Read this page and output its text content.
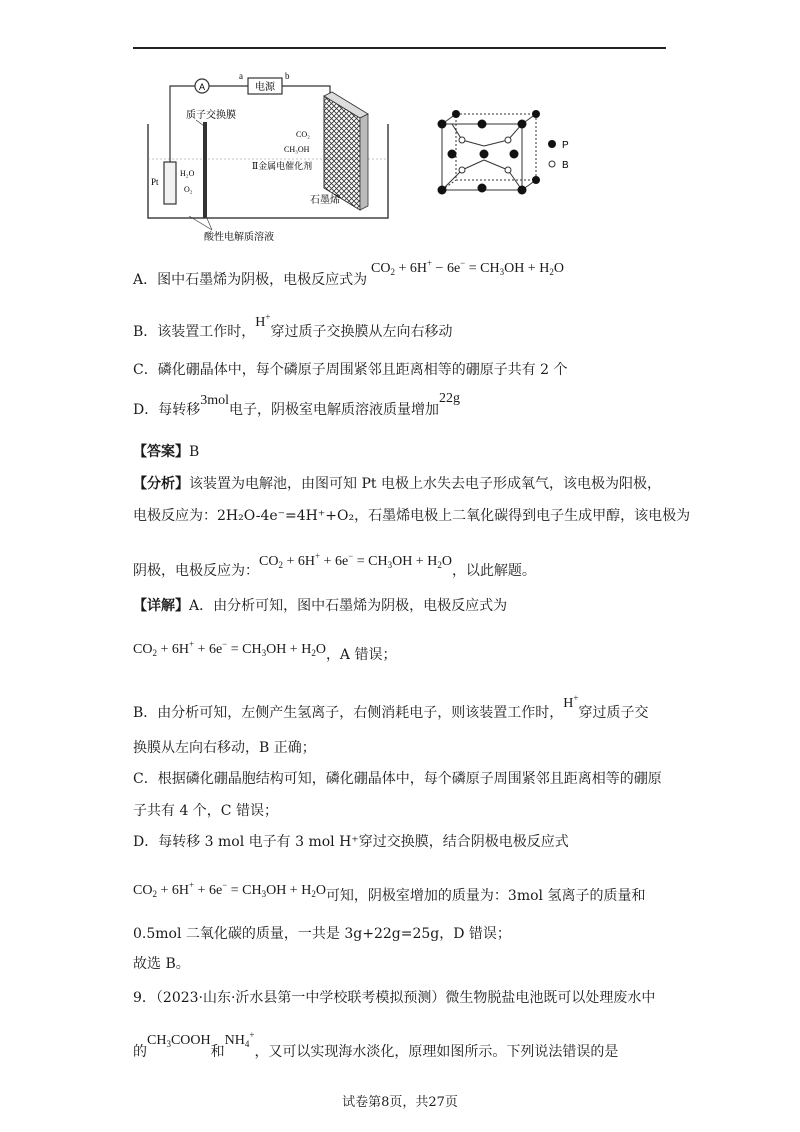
A
a
电源
b
Pt
H₂O
O₂
质子交换膜
CO₂
CH₃OH
Ⅱ金属电催化剂
石墨烯
酸性电解质溶液
P
B
A．图中石墨烯为阴极，电极反应式为
$CO_2 + 6H^+ - 6e^- = CH_3OH + H_2O$
B．该装置工作时，H+穿过质子交换膜从左向右移动
C．磷化硼晶体中，每个磷原子周围紧邻且距离相等的硼原子共有 2 个
D．每转移3mol电子，阴极室电解质溶液质量增加22g
【答案】B
【分析】该装置为电解池，由图可知 Pt 电极上水失去电子形成氧气，该电极为阳极，
电极反应为：2H₂O-4e⁻=4H⁺+O₂，石墨烯电极上二氧化碳得到电子生成甲醇，该电极为
阴极，电极反应为：$CO_2 + 6H^+ + 6e^- = CH_3OH + H_2O$，以此解题。
【详解】A．由分析可知，图中石墨烯为阴极，电极反应式为
$CO_2 + 6H^+ + 6e^- = CH_3OH + H_2O$，A 错误；
B．由分析可知，左侧产生氢离子，右侧消耗电子，则该装置工作时，H+穿过质子交
换膜从左向右移动，B 正确；
C．根据磷化硼晶胞结构可知，磷化硼晶体中，每个磷原子周围紧邻且距离相等的硼原
子共有 4 个，C 错误；
D．每转移 3 mol 电子有 3 mol H⁺穿过交换膜，结合阴极电极反应式
$CO_2 + 6H^+ + 6e^- = CH_3OH + H_2O$可知，阴极室增加的质量为：3mol 氢离子的质量和
0.5mol 二氧化碳的质量，一共是 3g+22g=25g，D 错误；
故选 B。
9．（2023·山东·沂水县第一中学校联考模拟预测）微生物脱盐电池既可以处理废水中
的$CH_3COOH$和$NH_4^+$，又可以实现海水淡化，原理如图所示。下列说法错误的是
试卷第8页，共27页
